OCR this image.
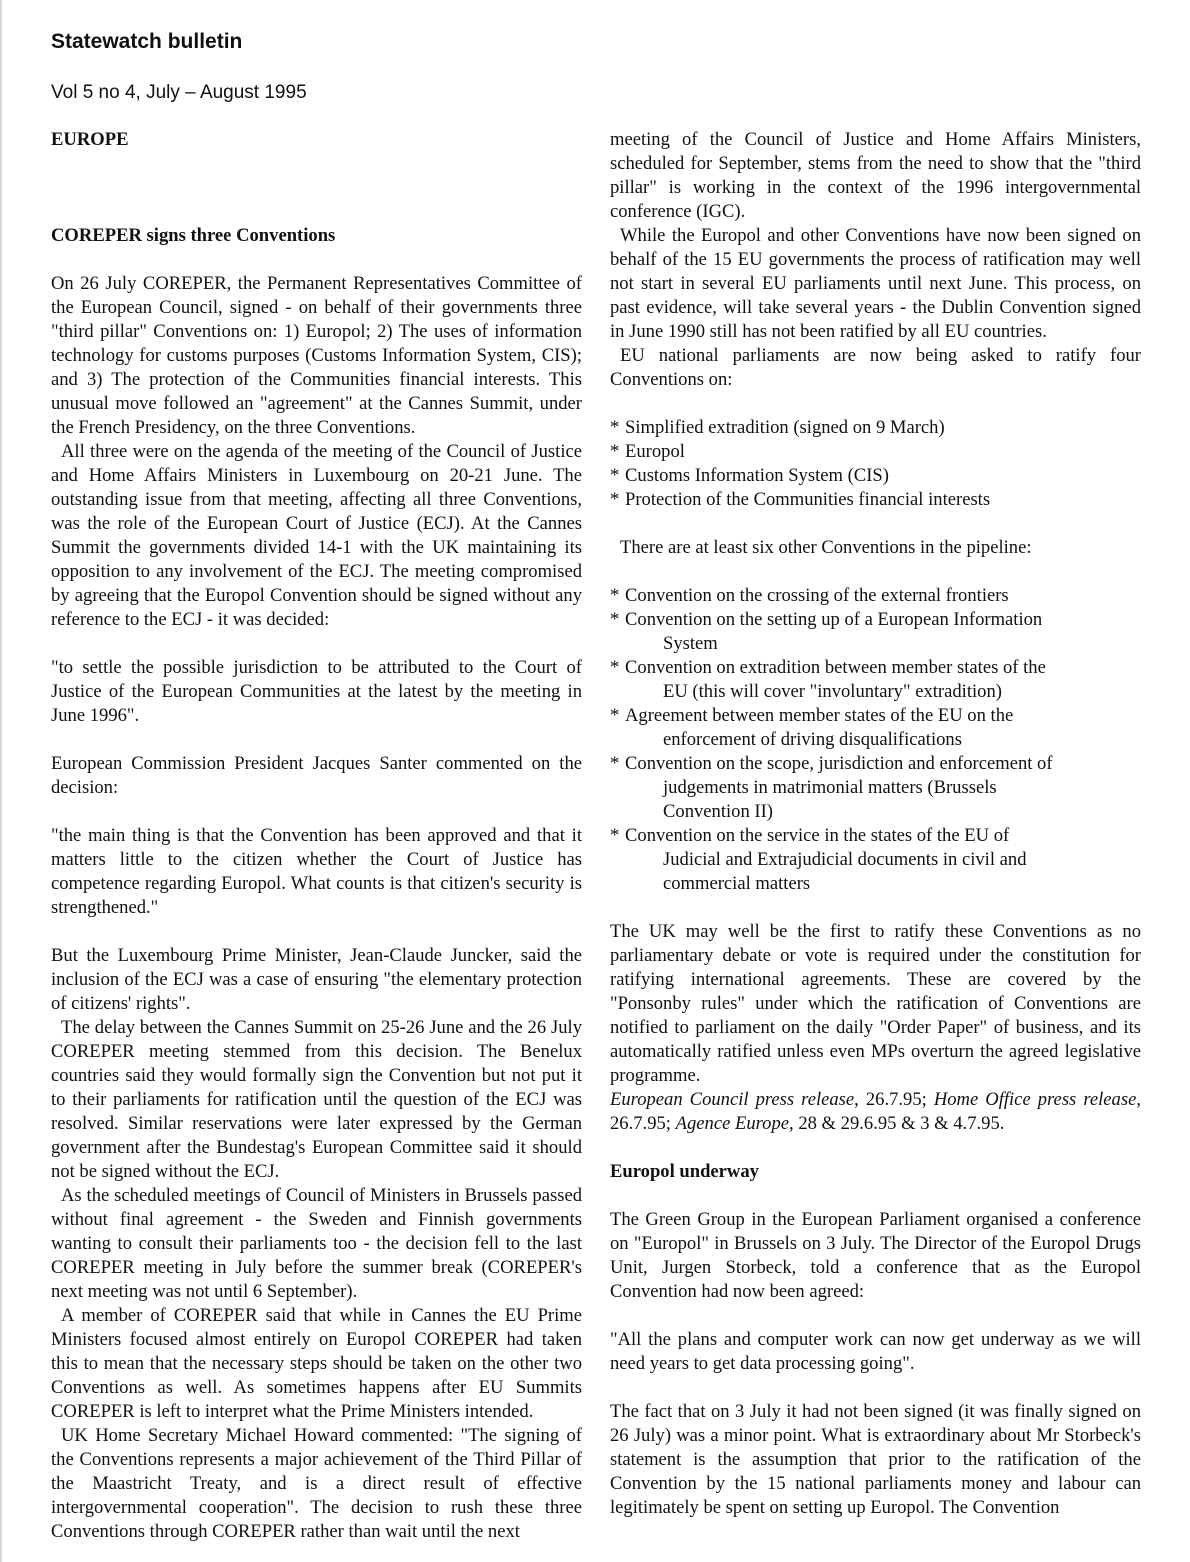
Statewatch bulletin
Vol 5 no 4, July – August 1995

EUROPE

COREPER signs three Conventions

On 26 July COREPER, the Permanent Representatives Committee of the European Council, signed - on behalf of their governments three "third pillar" Conventions on: 1) Europol; 2) The uses of information technology for customs purposes (Customs Information System, CIS); and 3) The protection of the Communities financial interests. This unusual move followed an "agreement" at the Cannes Summit, under the French Presidency, on the three Conventions.

All three were on the agenda of the meeting of the Council of Justice and Home Affairs Ministers in Luxembourg on 20-21 June. The outstanding issue from that meeting, affecting all three Conventions, was the role of the European Court of Justice (ECJ). At the Cannes Summit the governments divided 14-1 with the UK maintaining its opposition to any involvement of the ECJ. The meeting compromised by agreeing that the Europol Convention should be signed without any reference to the ECJ - it was decided:

"to settle the possible jurisdiction to be attributed to the Court of Justice of the European Communities at the latest by the meeting in June 1996".

European Commission President Jacques Santer commented on the decision:

"the main thing is that the Convention has been approved and that it matters little to the citizen whether the Court of Justice has competence regarding Europol. What counts is that citizen's security is strengthened."

But the Luxembourg Prime Minister, Jean-Claude Juncker, said the inclusion of the ECJ was a case of ensuring "the elementary protection of citizens' rights".

The delay between the Cannes Summit on 25-26 June and the 26 July COREPER meeting stemmed from this decision. The Benelux countries said they would formally sign the Convention but not put it to their parliaments for ratification until the question of the ECJ was resolved. Similar reservations were later expressed by the German government after the Bundestag's European Committee said it should not be signed without the ECJ.

As the scheduled meetings of Council of Ministers in Brussels passed without final agreement - the Sweden and Finnish governments wanting to consult their parliaments too - the decision fell to the last COREPER meeting in July before the summer break (COREPER's next meeting was not until 6 September).

A member of COREPER said that while in Cannes the EU Prime Ministers focused almost entirely on Europol COREPER had taken this to mean that the necessary steps should be taken on the other two Conventions as well. As sometimes happens after EU Summits COREPER is left to interpret what the Prime Ministers intended.

UK Home Secretary Michael Howard commented: "The signing of the Conventions represents a major achievement of the Third Pillar of the Maastricht Treaty, and is a direct result of effective intergovernmental cooperation". The decision to rush these three Conventions through COREPER rather than wait until the next

meeting of the Council of Justice and Home Affairs Ministers, scheduled for September, stems from the need to show that the "third pillar" is working in the context of the 1996 intergovernmental conference (IGC).

While the Europol and other Conventions have now been signed on behalf of the 15 EU governments the process of ratification may well not start in several EU parliaments until next June. This process, on past evidence, will take several years - the Dublin Convention signed in June 1990 still has not been ratified by all EU countries.

EU national parliaments are now being asked to ratify four Conventions on:

* Simplified extradition (signed on 9 March)
* Europol
* Customs Information System (CIS)
* Protection of the Communities financial interests

There are at least six other Conventions in the pipeline:

* Convention on the crossing of the external frontiers
* Convention on the setting up of a European Information System
* Convention on extradition between member states of the EU (this will cover "involuntary" extradition)
* Agreement between member states of the EU on the enforcement of driving disqualifications
* Convention on the scope, jurisdiction and enforcement of judgements in matrimonial matters (Brussels Convention II)
* Convention on the service in the states of the EU of Judicial and Extrajudicial documents in civil and commercial matters

The UK may well be the first to ratify these Conventions as no parliamentary debate or vote is required under the constitution for ratifying international agreements. These are covered by the "Ponsonby rules" under which the ratification of Conventions are notified to parliament on the daily "Order Paper" of business, and its automatically ratified unless even MPs overturn the agreed legislative programme.

European Council press release, 26.7.95; Home Office press release, 26.7.95; Agence Europe, 28 & 29.6.95 & 3 & 4.7.95.

Europol underway

The Green Group in the European Parliament organised a conference on "Europol" in Brussels on 3 July. The Director of the Europol Drugs Unit, Jurgen Storbeck, told a conference that as the Europol Convention had now been agreed:

"All the plans and computer work can now get underway as we will need years to get data processing going".

The fact that on 3 July it had not been signed (it was finally signed on 26 July) was a minor point. What is extraordinary about Mr Storbeck's statement is the assumption that prior to the ratification of the Convention by the 15 national parliaments money and labour can legitimately be spent on setting up Europol. The Convention
